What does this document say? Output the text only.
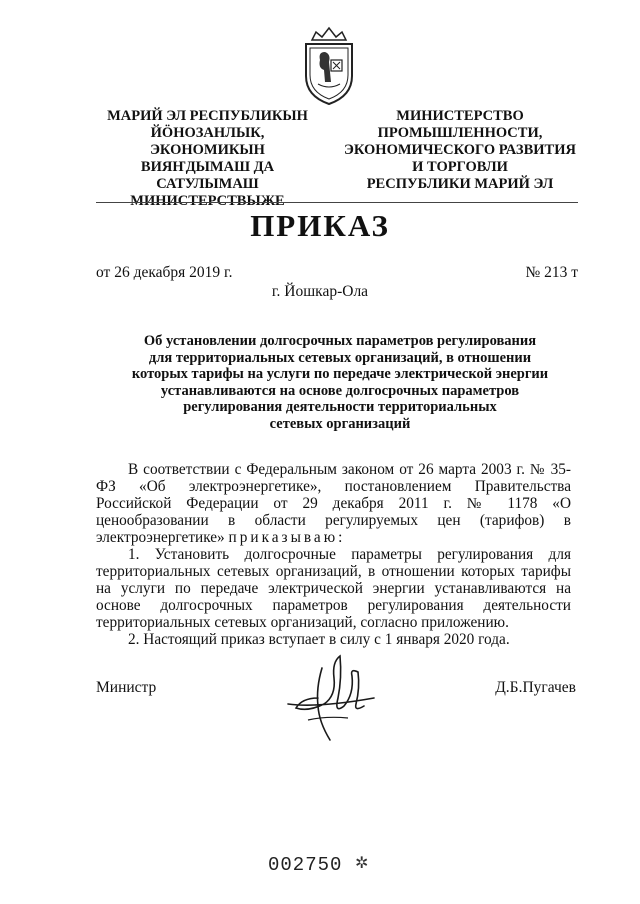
МАРИЙ ЭЛ РЕСПУБЛИКЫН
ЙӦНОЗАНЛЫК, ЭКОНОМИКЫН
ВИЯҤДЫМАШ ДА
САТУЛЫМАШ
МИНИСТЕРСТВЫЖЕ
МИНИСТЕРСТВО
ПРОМЫШЛЕННОСТИ,
ЭКОНОМИЧЕСКОГО РАЗВИТИЯ
И ТОРГОВЛИ
РЕСПУБЛИКИ МАРИЙ ЭЛ
ПРИКАЗ
от 26 декабря 2019 г.	№ 213 т
г. Йошкар-Ола
Об установлении долгосрочных параметров регулирования
для территориальных сетевых организаций, в отношении
которых тарифы на услуги по передаче электрической энергии
устанавливаются на основе долгосрочных параметров
регулирования деятельности территориальных
сетевых организаций

В соответствии с Федеральным законом от 26 марта 2003 г. № 35-ФЗ «Об электроэнергетике», постановлением Правительства Российской Федерации от 29 декабря 2011 г. № 1178 «О ценообразовании в области регулируемых цен (тарифов) в электроэнергетике» приказываю:

1. Установить долгосрочные параметры регулирования для территориальных сетевых организаций, в отношении которых тарифы на услуги по передаче электрической энергии устанавливаются на основе долгосрочных параметров регулирования деятельности территориальных сетевых организаций, согласно приложению.

2. Настоящий приказ вступает в силу с 1 января 2020 года.

Министр	Д.Б.Пугачев
002750 ✲
